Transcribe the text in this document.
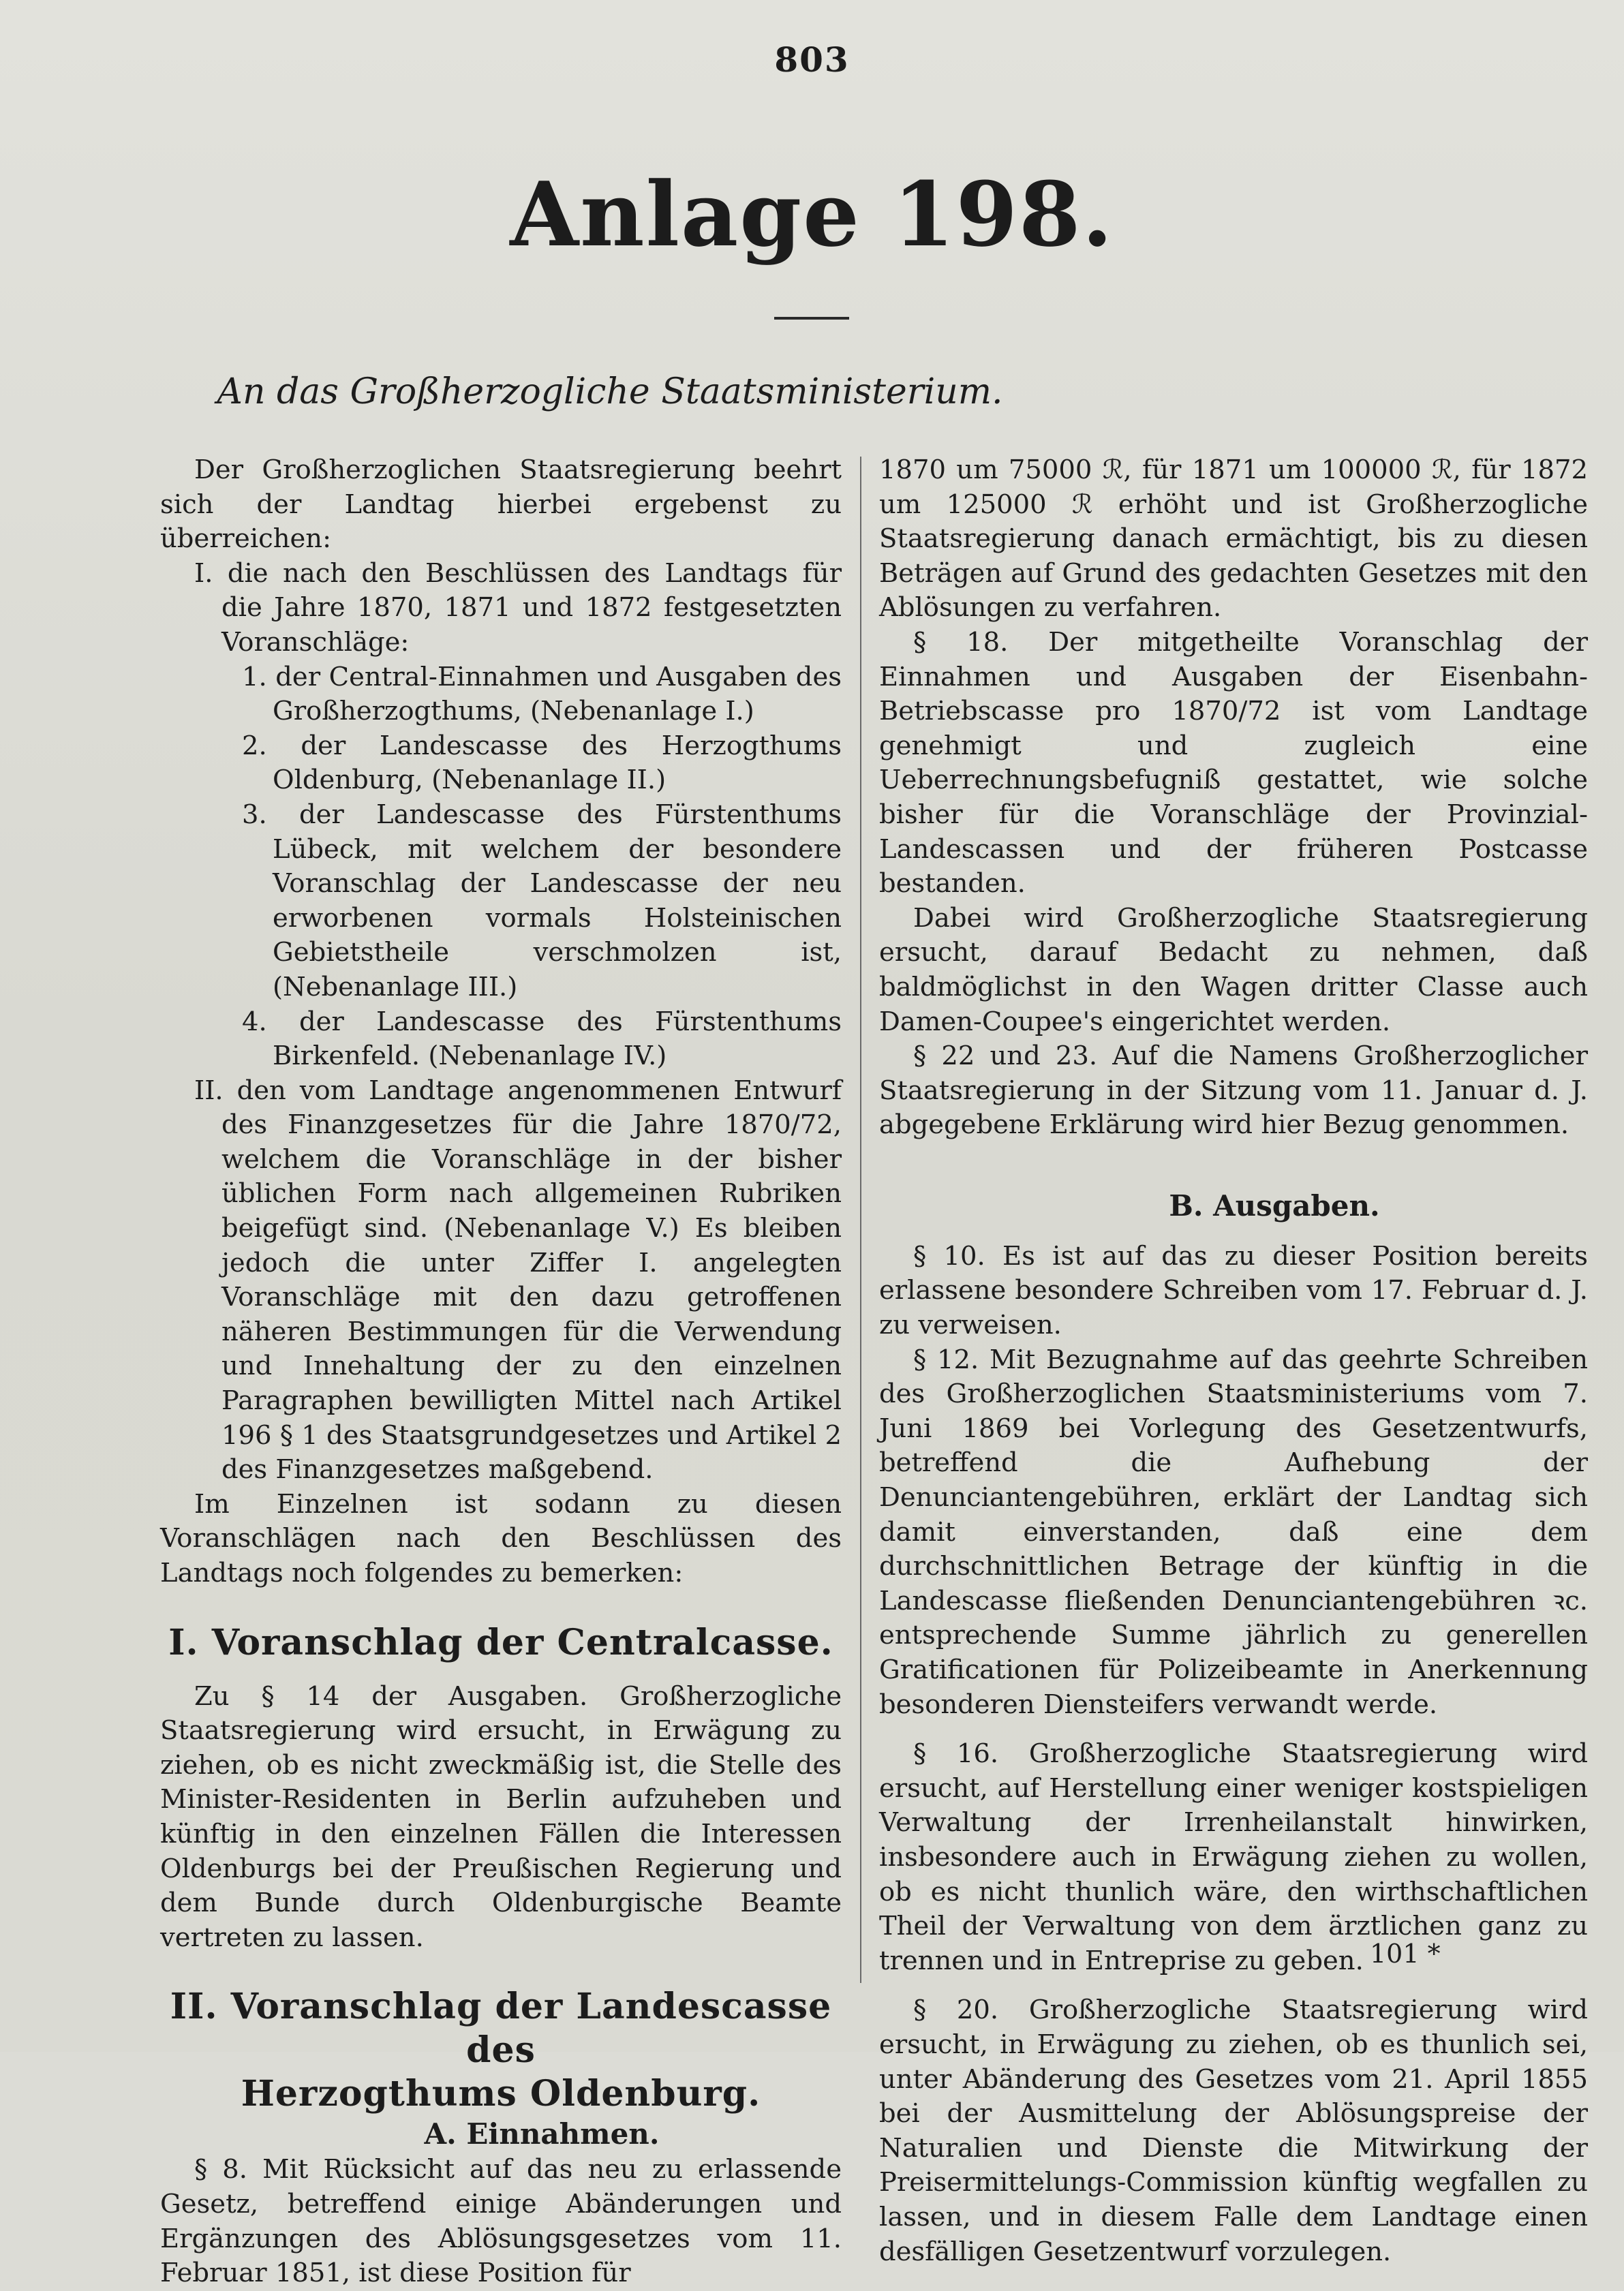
803
Anlage 198.
An das Großherzogliche Staatsministerium.

Der Großherzoglichen Staatsregierung beehrt sich der Landtag hierbei ergebenst zu überreichen:

I. die nach den Beschlüssen des Landtags für die Jahre 1870, 1871 und 1872 festgesetzten Voranschläge:

1. der Central-Einnahmen und Ausgaben des Großherzogthums, (Nebenanlage I.)

2. der Landescasse des Herzogthums Oldenburg, (Nebenanlage II.)

3. der Landescasse des Fürstenthums Lübeck, mit welchem der besondere Voranschlag der Landescasse der neu erworbenen vormals Holsteinischen Gebietstheile verschmolzen ist, (Nebenanlage III.)

4. der Landescasse des Fürstenthums Birkenfeld. (Nebenanlage IV.)

II. den vom Landtage angenommenen Entwurf des Finanzgesetzes für die Jahre 1870/72, welchem die Voranschläge in der bisher üblichen Form nach allgemeinen Rubriken beigefügt sind. (Nebenanlage V.) Es bleiben jedoch die unter Ziffer I. angelegten Voranschläge mit den dazu getroffenen näheren Bestimmungen für die Verwendung und Innehaltung der zu den einzelnen Paragraphen bewilligten Mittel nach Artikel 196 § 1 des Staatsgrundgesetzes und Artikel 2 des Finanzgesetzes maßgebend.

Im Einzelnen ist sodann zu diesen Voranschlägen nach den Beschlüssen des Landtags noch folgendes zu bemerken:

I. Voranschlag der Centralcasse.

Zu § 14 der Ausgaben. Großherzogliche Staatsregierung wird ersucht, in Erwägung zu ziehen, ob es nicht zweckmäßig ist, die Stelle des Minister-Residenten in Berlin aufzuheben und künftig in den einzelnen Fällen die Interessen Oldenburgs bei der Preußischen Regierung und dem Bunde durch Oldenburgische Beamte vertreten zu lassen.

II. Voranschlag der Landescasse des
Herzogthums Oldenburg.
A. Einnahmen.

§ 8. Mit Rücksicht auf das neu zu erlassende Gesetz, betreffend einige Abänderungen und Ergänzungen des Ablösungsgesetzes vom 11. Februar 1851, ist diese Position für

1870 um 75000 ℛ, für 1871 um 100000 ℛ, für 1872 um 125000 ℛ erhöht und ist Großherzogliche Staatsregierung danach ermächtigt, bis zu diesen Beträgen auf Grund des gedachten Gesetzes mit den Ablösungen zu verfahren.

§ 18. Der mitgetheilte Voranschlag der Einnahmen und Ausgaben der Eisenbahn-Betriebscasse pro 1870/72 ist vom Landtage genehmigt und zugleich eine Ueberrechnungsbefugniß gestattet, wie solche bisher für die Voranschläge der Provinzial-Landescassen und der früheren Postcasse bestanden.

Dabei wird Großherzogliche Staatsregierung ersucht, darauf Bedacht zu nehmen, daß baldmöglichst in den Wagen dritter Classe auch Damen-Coupee's eingerichtet werden.

§ 22 und 23. Auf die Namens Großherzoglicher Staatsregierung in der Sitzung vom 11. Januar d. J. abgegebene Erklärung wird hier Bezug genommen.

B. Ausgaben.

§ 10. Es ist auf das zu dieser Position bereits erlassene besondere Schreiben vom 17. Februar d. J. zu verweisen.

§ 12. Mit Bezugnahme auf das geehrte Schreiben des Großherzoglichen Staatsministeriums vom 7. Juni 1869 bei Vorlegung des Gesetzentwurfs, betreffend die Aufhebung der Denunciantengebühren, erklärt der Landtag sich damit einverstanden, daß eine dem durchschnittlichen Betrage der künftig in die Landescasse fließenden Denunciantengebühren ꝛc. entsprechende Summe jährlich zu generellen Gratificationen für Polizeibeamte in Anerkennung besonderen Diensteifers verwandt werde.

§ 16. Großherzogliche Staatsregierung wird ersucht, auf Herstellung einer weniger kostspieligen Verwaltung der Irrenheilanstalt hinwirken, insbesondere auch in Erwägung ziehen zu wollen, ob es nicht thunlich wäre, den wirthschaftlichen Theil der Verwaltung von dem ärztlichen ganz zu trennen und in Entreprise zu geben.

§ 20. Großherzogliche Staatsregierung wird ersucht, in Erwägung zu ziehen, ob es thunlich sei, unter Abänderung des Gesetzes vom 21. April 1855 bei der Ausmittelung der Ablösungspreise der Naturalien und Dienste die Mitwirkung der Preisermittelungs-Commission künftig wegfallen zu lassen, und in diesem Falle dem Landtage einen desfälligen Gesetzentwurf vorzulegen.

101 *
